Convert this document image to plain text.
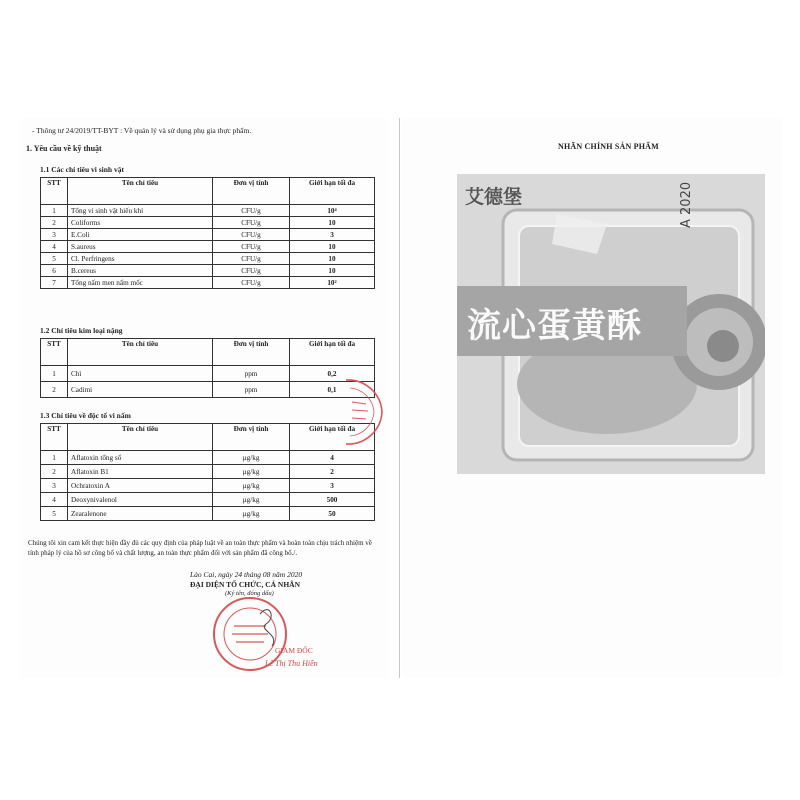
- Thông tư 24/2019/TT-BYT : Về quản lý và sử dụng phụ gia thực phẩm.
1. Yêu cầu về kỹ thuật
1.1 Các chỉ tiêu vi sinh vật
STT	Tên chỉ tiêu	Đơn vị tính	Giới hạn tối đa
1	Tổng vi sinh vật hiếu khí	CFU/g	10⁴
2	Coliforms	CFU/g	10
3	E.Coli	CFU/g	3
4	S.aureus	CFU/g	10
5	Cl. Perfringens	CFU/g	10
6	B.cereus	CFU/g	10
7	Tổng nấm men nấm mốc	CFU/g	10²
1.2 Chỉ tiêu kim loại nặng
STT	Tên chỉ tiêu	Đơn vị tính	Giới hạn tối đa
1	Chì	ppm	0,2
2	Cadimi	ppm	0,1
1.3 Chỉ tiêu về độc tố vi nấm
STT	Tên chỉ tiêu	Đơn vị tính	Giới hạn tối đa
1	Aflatoxin tổng số	µg/kg	4
2	Aflatoxin B1	µg/kg	2
3	Ochratoxin A	µg/kg	3
4	Deoxynivalenol	µg/kg	500
5	Zearalenone	µg/kg	50
Chúng tôi xin cam kết thực hiện đầy đủ các quy định của pháp luật về an toàn thực phẩm và hoàn toàn chịu trách nhiệm về tính pháp lý của hồ sơ công bố và chất lượng, an toàn thực phẩm đối với sản phẩm đã công bố./.
Lào Cai, ngày 24 tháng 08 năm 2020
ĐẠI DIỆN TỔ CHỨC, CÁ NHÂN
(Ký tên, đóng dấu)
GIÁM ĐỐC
Lê Thị Thu Hiền
NHÃN CHÍNH SẢN PHẨM
艾德堡	A 2020
流心蛋黄酥
